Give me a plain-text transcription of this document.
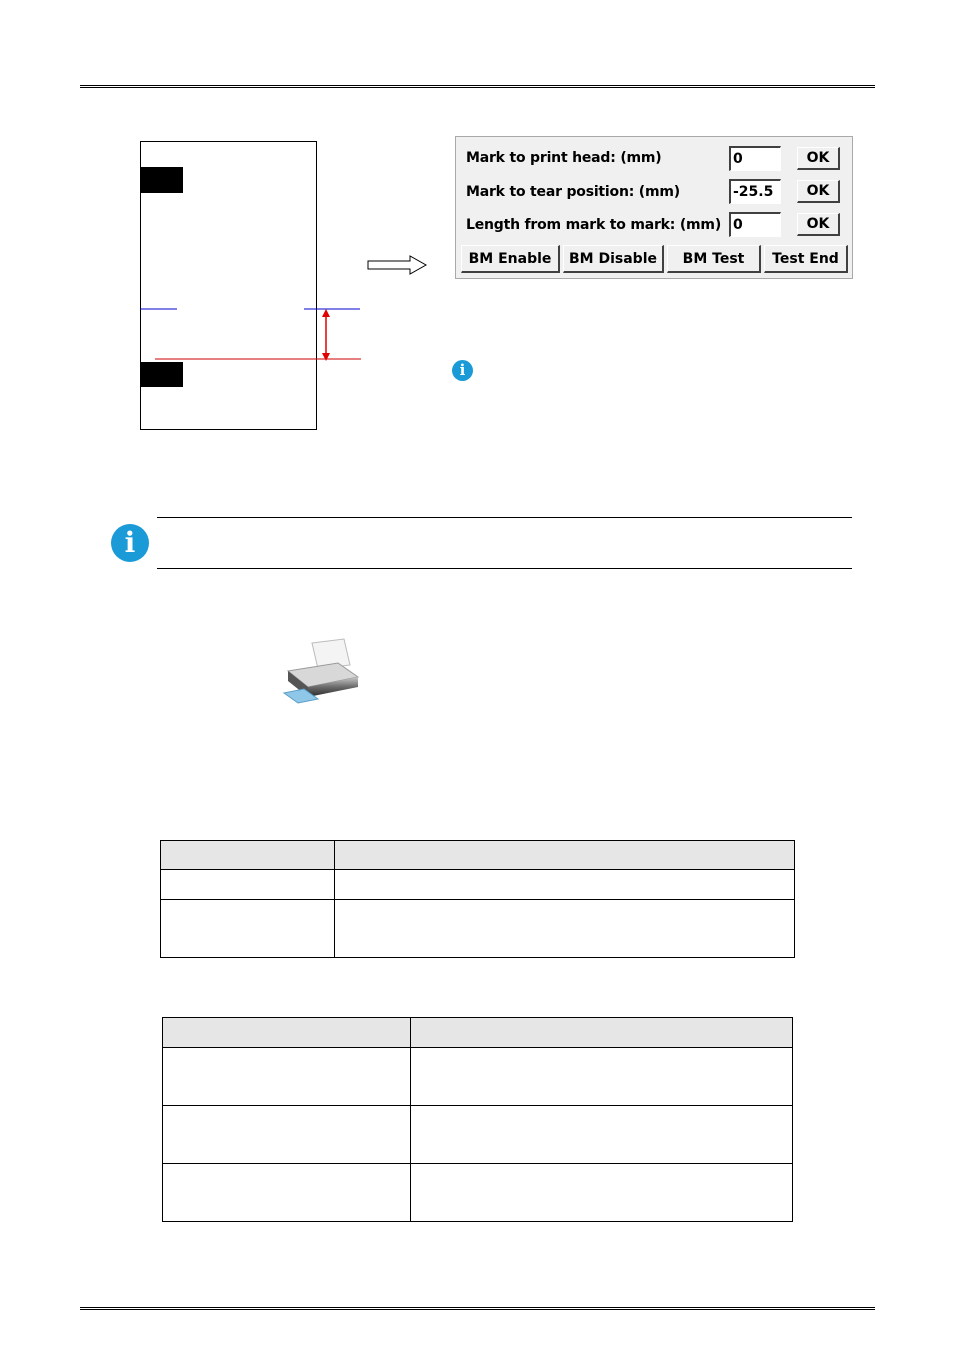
Mark to print head: (mm)
0	OK
Mark to tear position: (mm)
-25.5	OK
Length from mark to mark: (mm)
0	OK
BM Enable	BM Disable	BM Test	Test End
i
i
